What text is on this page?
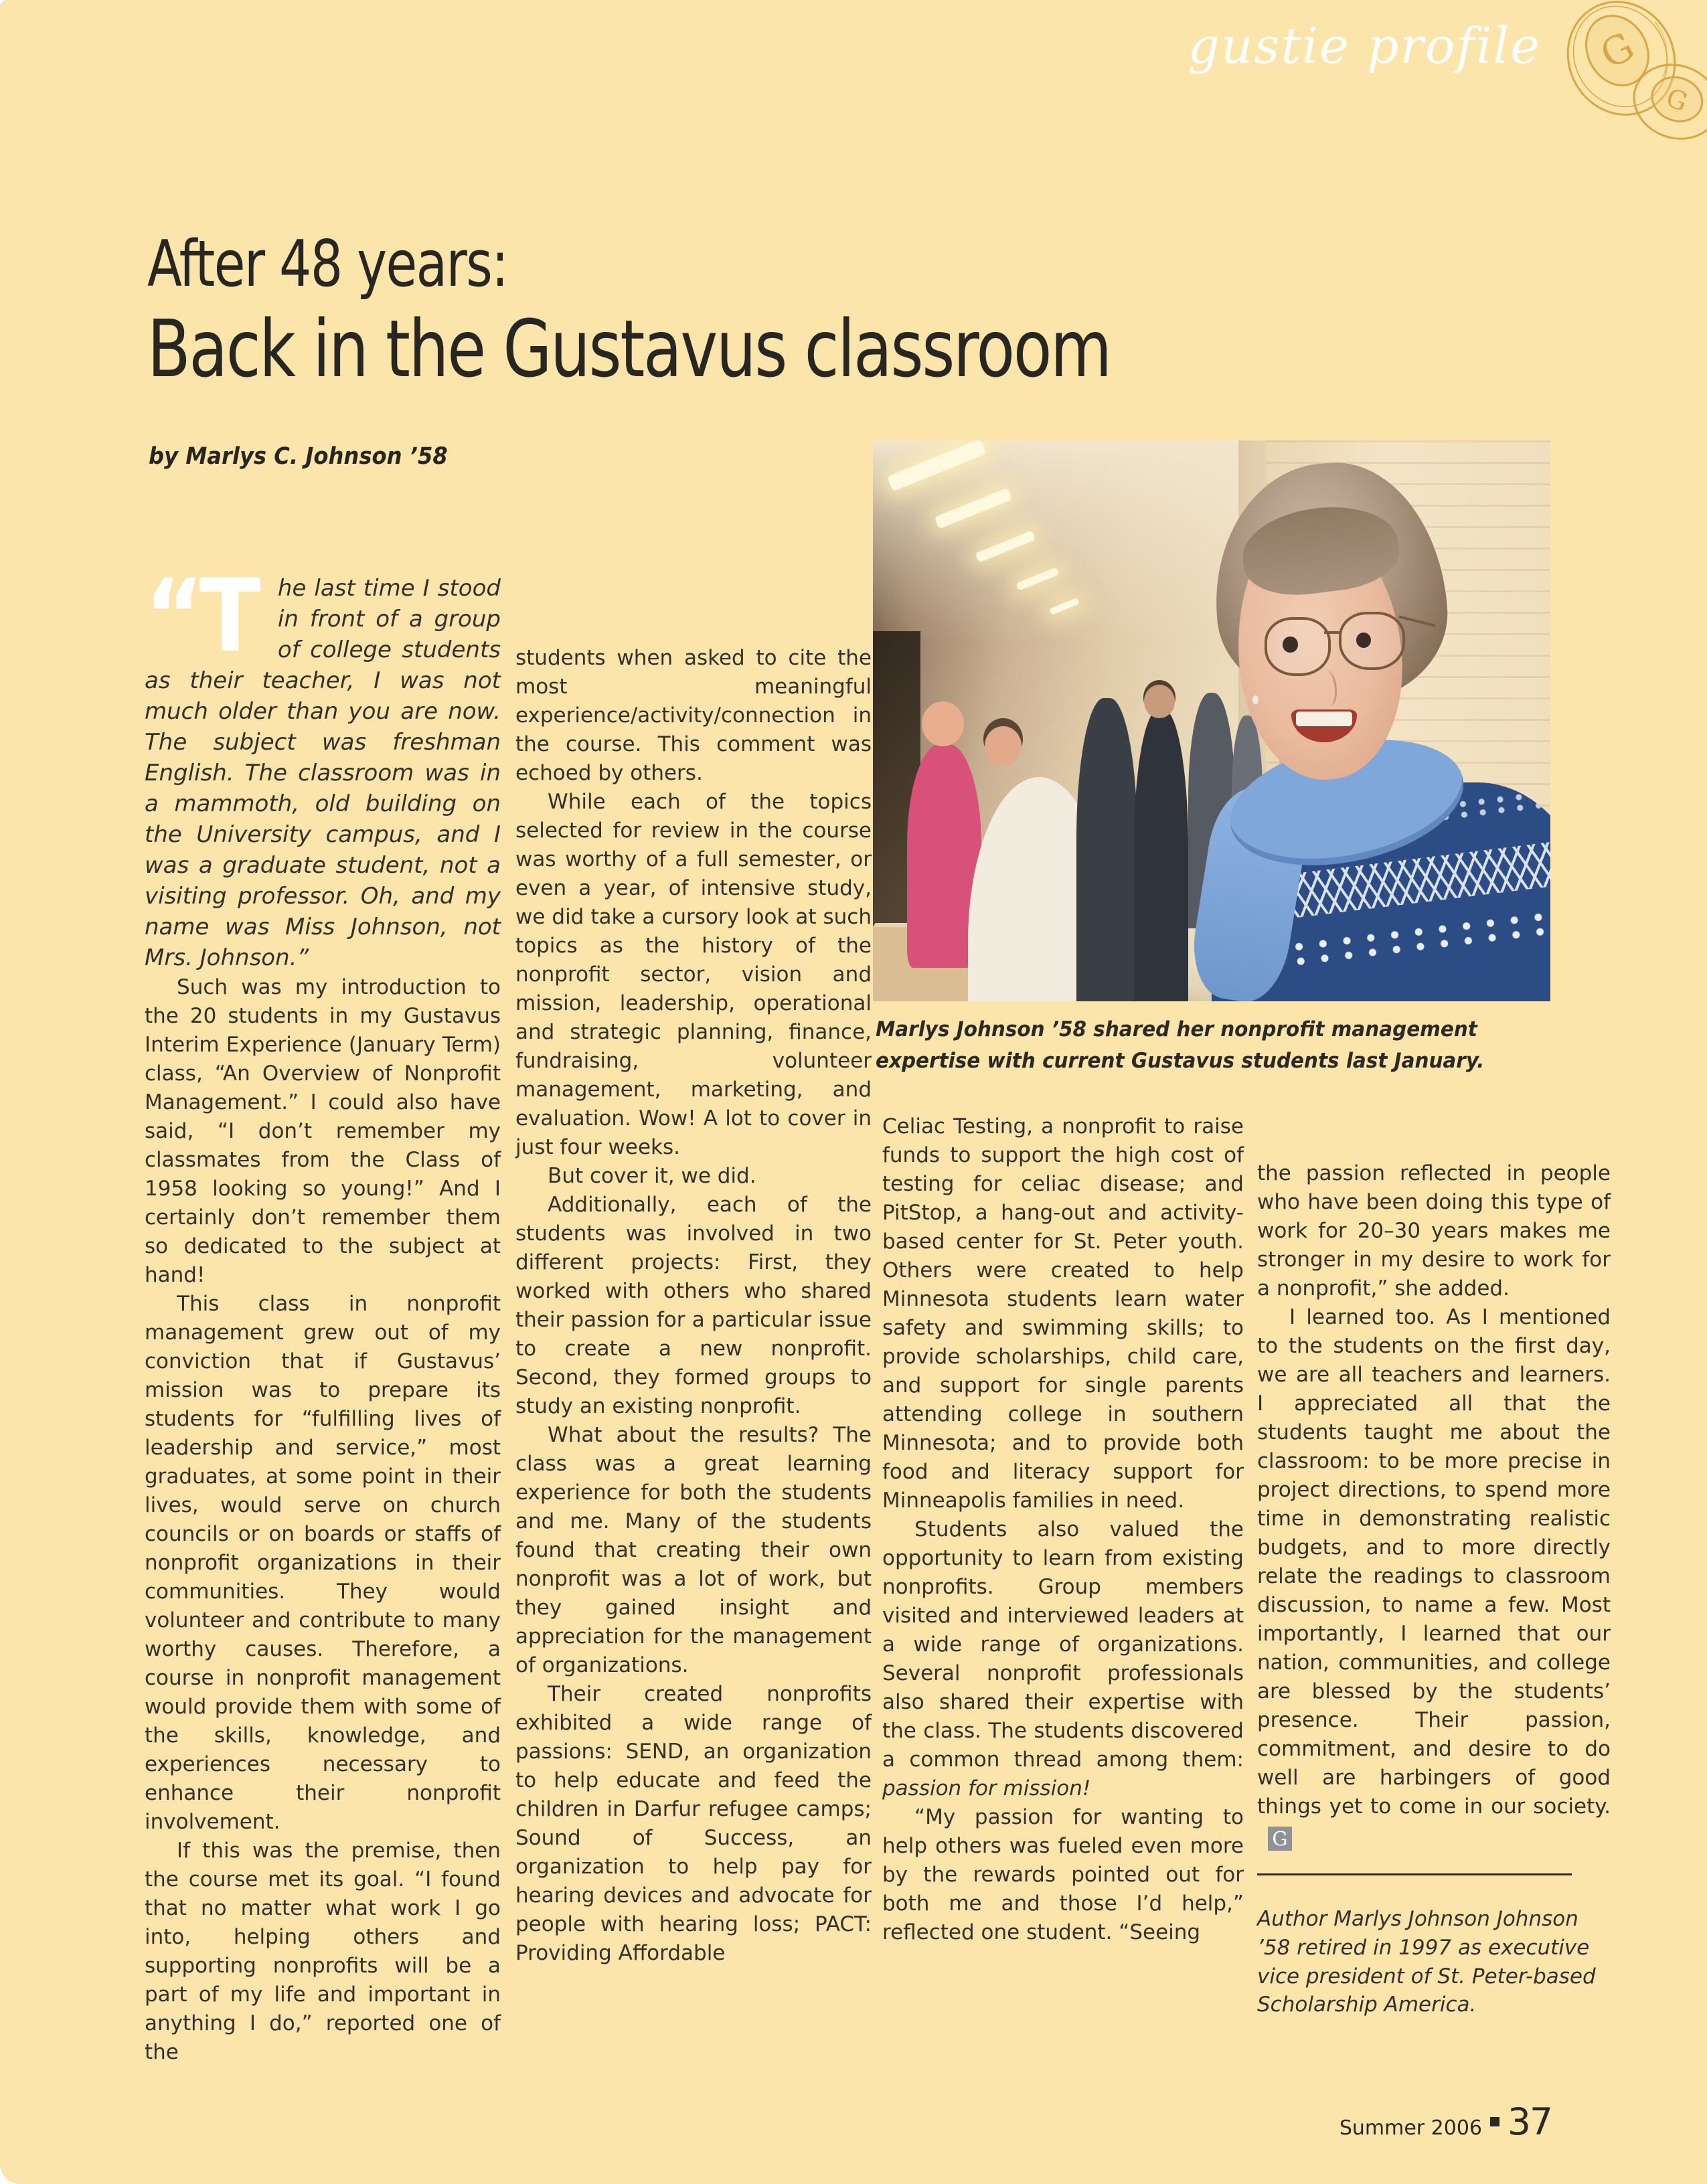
gustie profile G
G
After 48 years:
Back in the Gustavus classroom
by Marlys C. Johnson ’58
Marlys Johnson ’58 shared her nonprofit management expertise with current Gustavus students last January.

“The last time I stood in front of a group of college students as their teacher, I was not much older than you are now. The subject was freshman English. The classroom was in a mammoth, old building on the University campus, and I was a graduate student, not a visiting professor. Oh, and my name was Miss Johnson, not Mrs. Johnson.”

Such was my introduction to the 20 students in my Gustavus Interim Experience (January Term) class, “An Overview of Nonprofit Management.” I could also have said, “I don’t remember my classmates from the Class of 1958 looking so young!” And I certainly don’t remember them so dedicated to the subject at hand!

This class in nonprofit management grew out of my conviction that if Gustavus’ mission was to prepare its students for “fulfilling lives of leadership and service,” most graduates, at some point in their lives, would serve on church councils or on boards or staffs of nonprofit organizations in their communities. They would volunteer and contribute to many worthy causes. Therefore, a course in nonprofit management would provide them with some of the skills, knowledge, and experiences necessary to enhance their nonprofit involvement.

If this was the premise, then the course met its goal. “I found that no matter what work I go into, helping others and supporting nonprofits will be a part of my life and important in anything I do,” reported one of the

students when asked to cite the most meaningful experience/activity/connection in the course. This comment was echoed by others.

While each of the topics selected for review in the course was worthy of a full semester, or even a year, of intensive study, we did take a cursory look at such topics as the history of the nonprofit sector, vision and mission, leadership, operational and strategic planning, finance, fundraising, volunteer management, marketing, and evaluation. Wow! A lot to cover in just four weeks.

But cover it, we did.

Additionally, each of the students was involved in two different projects: First, they worked with others who shared their passion for a particular issue to create a new nonprofit. Second, they formed groups to study an existing nonprofit.

What about the results? The class was a great learning experience for both the students and me. Many of the students found that creating their own nonprofit was a lot of work, but they gained insight and appreciation for the management of organizations.

Their created nonprofits exhibited a wide range of passions: SEND, an organization to help educate and feed the children in Darfur refugee camps; Sound of Success, an organization to help pay for hearing devices and advocate for people with hearing loss; PACT: Providing Affordable

Celiac Testing, a nonprofit to raise funds to support the high cost of testing for celiac disease; and PitStop, a hang-out and activity-based center for St. Peter youth. Others were created to help Minnesota students learn water safety and swimming skills; to provide scholarships, child care, and support for single parents attending college in southern Minnesota; and to provide both food and literacy support for Minneapolis families in need.

Students also valued the opportunity to learn from existing nonprofits. Group members visited and interviewed leaders at a wide range of organizations. Several nonprofit professionals also shared their expertise with the class. The students discovered a common thread among them: passion for mission!

“My passion for wanting to help others was fueled even more by the rewards pointed out for both me and those I’d help,” reflected one student. “Seeing

the passion reflected in people who have been doing this type of work for 20–30 years makes me stronger in my desire to work for a nonprofit,” she added.

I learned too. As I mentioned to the students on the first day, we are all teachers and learners. I appreciated all that the students taught me about the classroom: to be more precise in project directions, to spend more time in demonstrating realistic budgets, and to more directly relate the readings to classroom discussion, to name a few. Most importantly, I learned that our nation, communities, and college are blessed by the students’ presence. Their passion, commitment, and desire to do well are harbingers of good things yet to come in our society.G

Author Marlys Johnson Johnson ’58 retired in 1997 as executive vice president of St. Peter-based Scholarship America.

Summer 2006 37
